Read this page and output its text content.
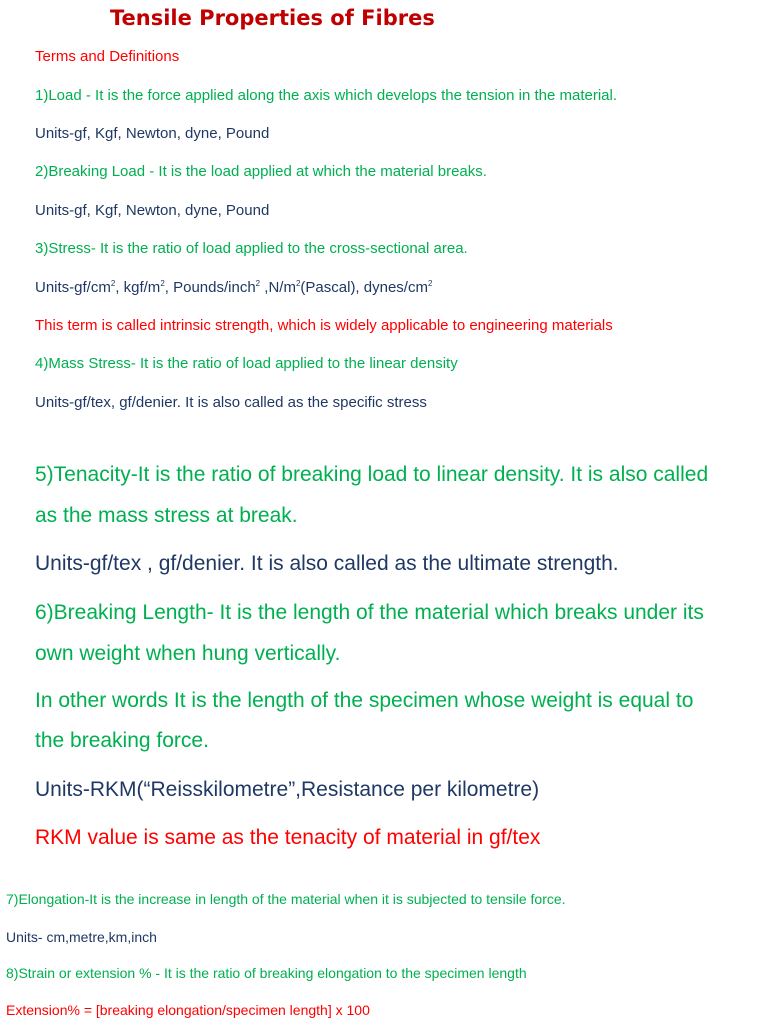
Tensile Properties of Fibres

Terms and Definitions

1)Load - It is the force applied along the axis which develops the tension in the material.

Units-gf, Kgf, Newton, dyne, Pound

2)Breaking Load - It is the load applied at which the material breaks.

Units-gf, Kgf, Newton, dyne, Pound

3)Stress- It is the ratio of load applied to the cross-sectional area.

Units-$gf/cm^2$, kgf/$m^2$, Pounds/inch$^2$ $,N/m^2(Pascal)$, dynes/$cm^2$

This term is called intrinsic strength, which is widely applicable to engineering materials

4)Mass Stress- It is the ratio of load applied to the linear density

Units-gf/tex, gf/denier. It is also called as the specific stress

5)Tenacity-It is the ratio of breaking load to linear density. It is also called

as the mass stress at break.

Units-gf/tex , gf/denier. It is also called as the ultimate strength.

6)Breaking Length- It is the length of the material which breaks under its

own weight when hung vertically.

In other words It is the length of the specimen whose weight is equal to

the breaking force.

Units-RKM(“Reisskilometre”,Resistance per kilometre)

RKM value is same as the tenacity of material in gf/tex

7)Elongation-It is the increase in length of the material when it is subjected to tensile force.

Units- cm,metre,km,inch

8)Strain or extension % - It is the ratio of breaking elongation to the specimen length

Extension% = [breaking elongation/specimen length] x 100
